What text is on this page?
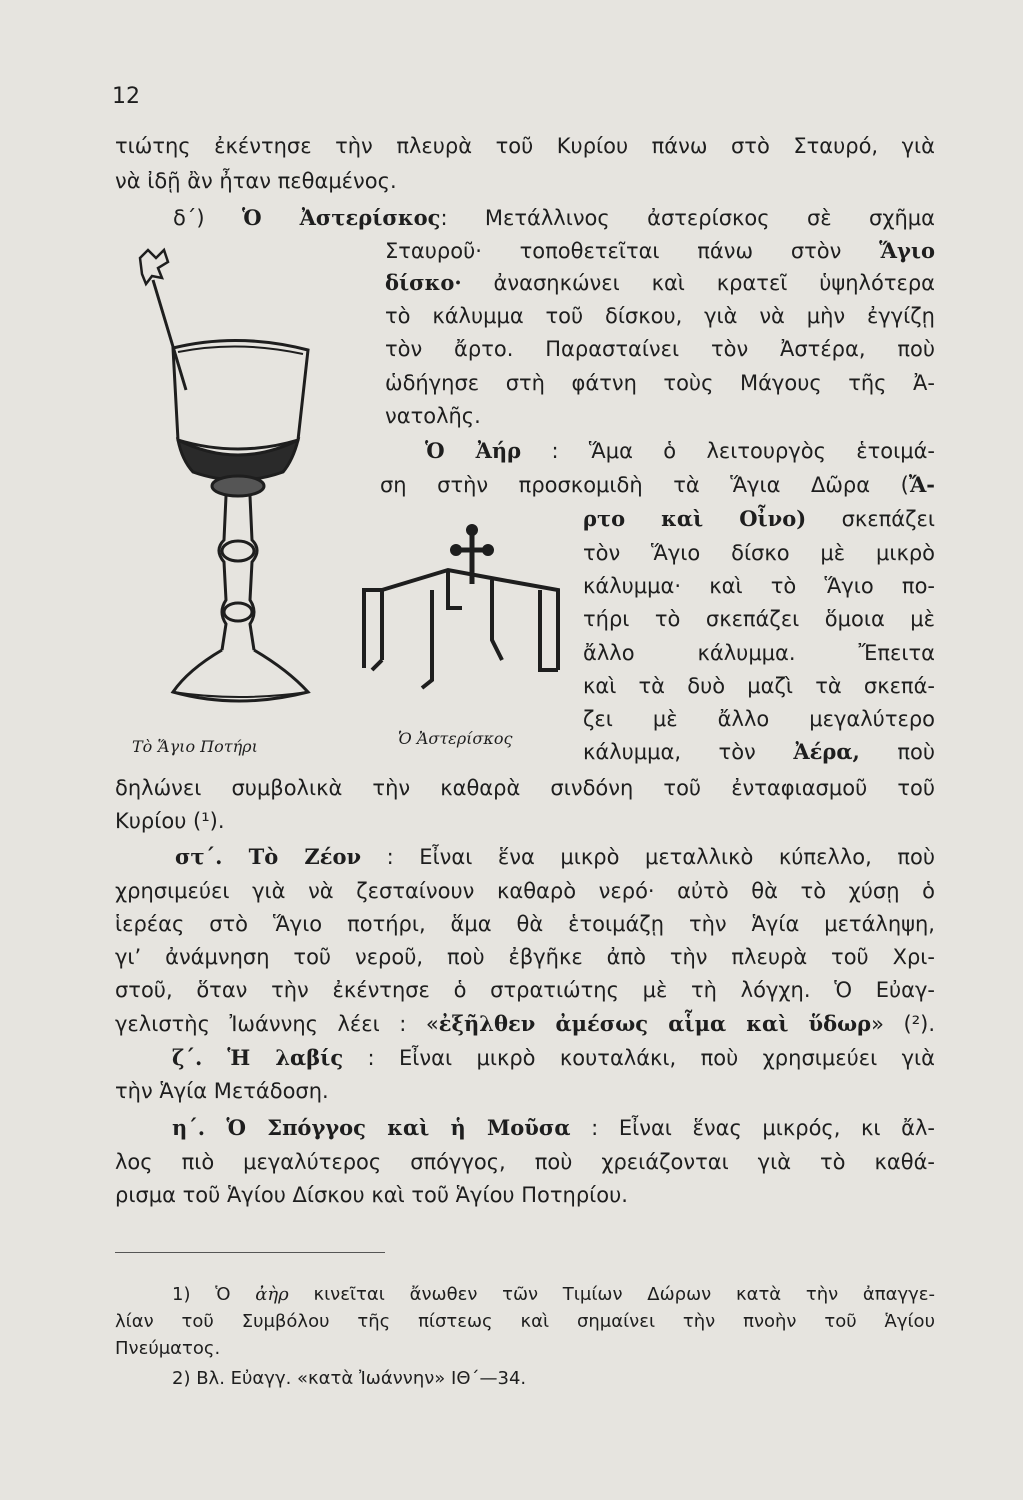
12
τιώτης ἐκέντησε τὴν πλευρὰ τοῦ Κυρίου πάνω στὸ Σταυρό, γιὰ
νὰ ἰδῇ ἂν ἦταν πεθαμένος.
δ΄) Ὁ Ἀστερίσκος: Μετάλλινος ἀστερίσκος σὲ σχῆμα
Σταυροῦ· τοποθετεῖται πάνω στὸν Ἅγιο
δίσκο· ἀνασηκώνει καὶ κρατεῖ ὑψηλότερα
τὸ κάλυμμα τοῦ δίσκου, γιὰ νὰ μὴν ἐγγίζῃ
τὸν ἄρτο. Παρασταίνει τὸν Ἀστέρα, ποὺ
ὡδήγησε στὴ φάτνη τοὺς Μάγους τῆς Ἀ-
νατολῆς.
Ὁ Ἀήρ : Ἅμα ὁ λειτουργὸς ἑτοιμά-
ση στὴν προσκομιδὴ τὰ Ἅγια Δῶρα (Ἄ-
ρτο καὶ Οἶνο) σκεπάζει
τὸν Ἅγιο δίσκο μὲ μικρὸ
κάλυμμα· καὶ τὸ Ἅγιο πο-
τήρι τὸ σκεπάζει ὅμοια μὲ
ἄλλο κάλυμμα. Ἔπειτα
καὶ τὰ δυὸ μαζὶ τὰ σκεπά-
ζει μὲ ἄλλο μεγαλύτερο
κάλυμμα, τὸν Ἀέρα, ποὺ
δηλώνει συμβολικὰ τὴν καθαρὰ σινδόνη τοῦ ἐνταφιασμοῦ τοῦ
Κυρίου (¹).
στ΄. Τὸ Ζέον : Εἶναι ἕνα μικρὸ μεταλλικὸ κύπελλο, ποὺ
χρησιμεύει γιὰ νὰ ζεσταίνουν καθαρὸ νερό· αὐτὸ θὰ τὸ χύσῃ ὁ
ἱερέας στὸ Ἅγιο ποτήρι, ἅμα θὰ ἑτοιμάζῃ τὴν Ἁγία μετάληψη,
γι’ ἀνάμνηση τοῦ νεροῦ, ποὺ ἐβγῆκε ἀπὸ τὴν πλευρὰ τοῦ Χρι-
στοῦ, ὅταν τὴν ἐκέντησε ὁ στρατιώτης μὲ τὴ λόγχη. Ὁ Εὐαγ-
γελιστὴς Ἰωάννης λέει : «ἐξῆλθεν ἀμέσως αἷμα καὶ ὕδωρ» (²).
ζ΄. Ἡ λαβίς : Εἶναι μικρὸ κουταλάκι, ποὺ χρησιμεύει γιὰ
τὴν Ἁγία Μετάδοση.
η΄. Ὁ Σπόγγος καὶ ἡ Μοῦσα : Εἶναι ἕνας μικρός, κι ἄλ-
λος πιὸ μεγαλύτερος σπόγγος, ποὺ χρειάζονται γιὰ τὸ καθά-
ρισμα τοῦ Ἁγίου Δίσκου καὶ τοῦ Ἁγίου Ποτηρίου.
Τὸ Ἅγιο Ποτήρι	Ὁ Ἀστερίσκος
1) Ὁ ἀὴρ κινεῖται ἄνωθεν τῶν Τιμίων Δώρων κατὰ τὴν ἀπαγγε-
λίαν τοῦ Συμβόλου τῆς πίστεως καὶ σημαίνει τὴν πνοὴν τοῦ Ἁγίου
Πνεύματος.
2) Βλ. Εὐαγγ. «κατὰ Ἰωάννην» ΙΘ΄—34.
